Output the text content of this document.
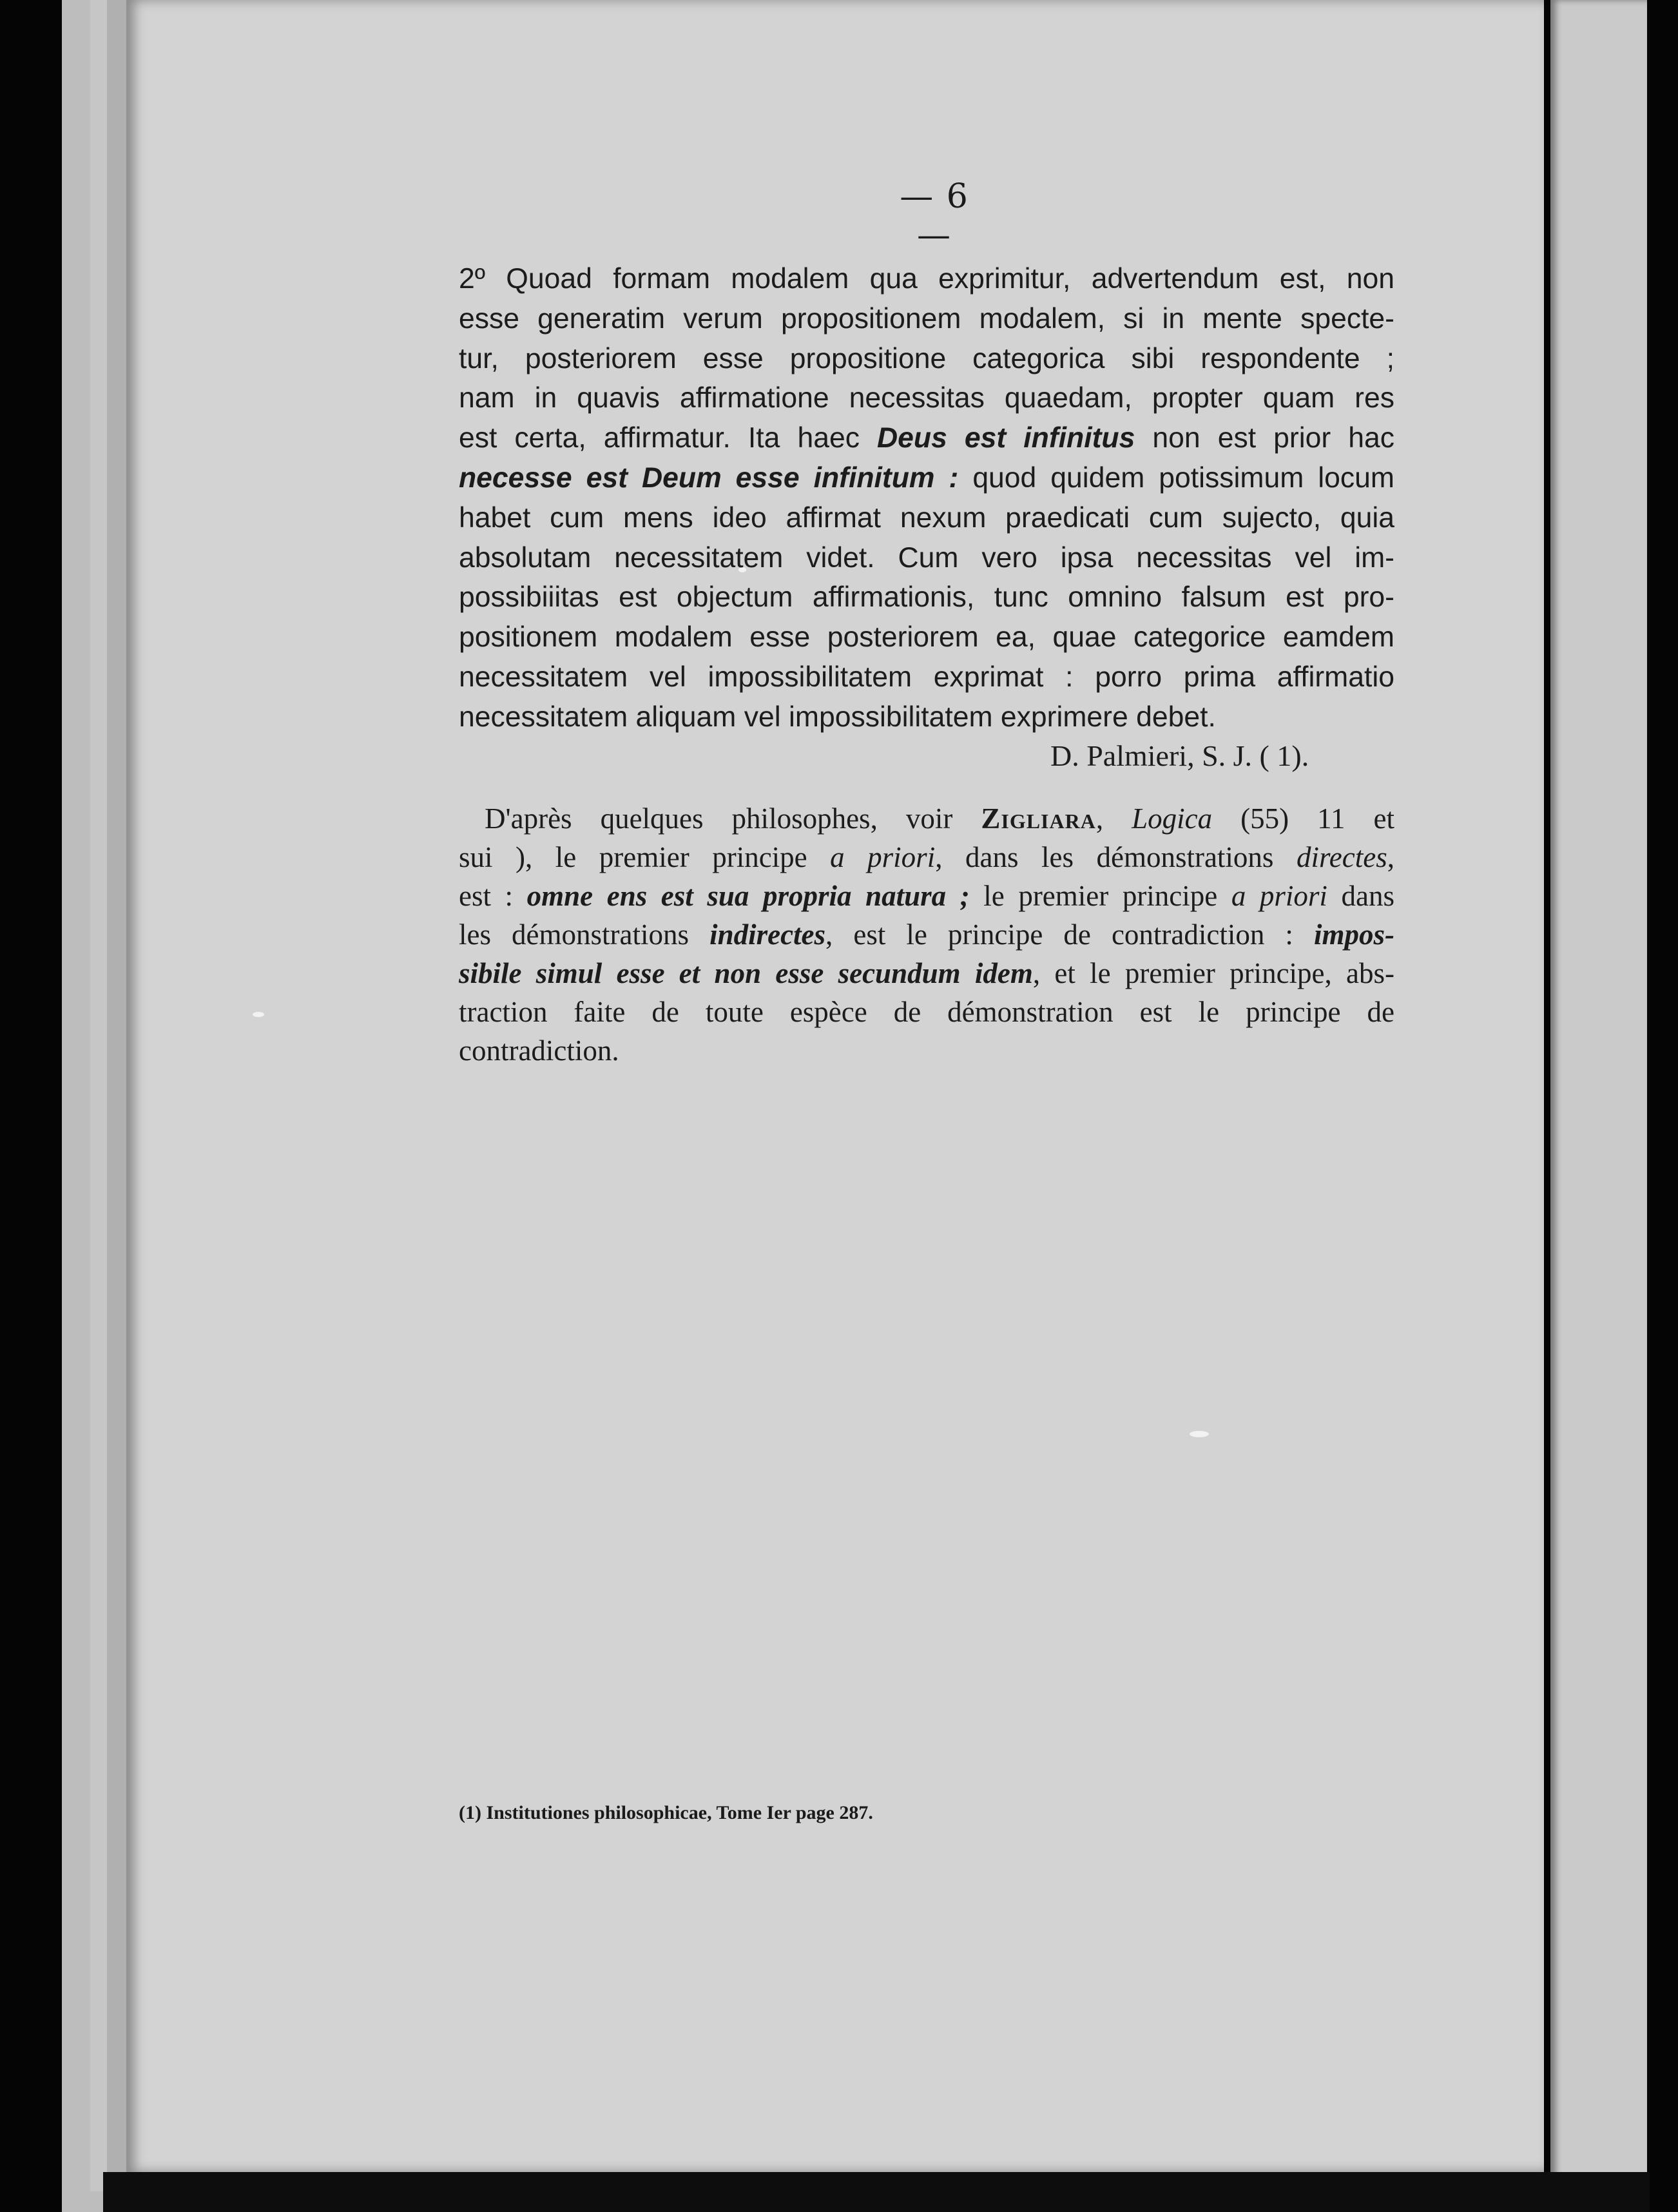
— 6 —
2º Quoad formam modalem qua exprimitur, advertendum est, non
esse generatim verum propositionem modalem, si in mente specte-
tur, posteriorem esse propositione categorica sibi respondente ;
nam in quavis affirmatione necessitas quaedam, propter quam res
est certa, affirmatur. Ita haec Deus est infinitus non est prior hac
necesse est Deum esse infinitum : quod quidem potissimum locum
habet cum mens ideo affirmat nexum praedicati cum sujecto, quia
absolutam necessitatem videt. Cum vero ipsa necessitas vel im-
possibiiitas est objectum affirmationis, tunc omnino falsum est pro-
positionem modalem esse posteriorem ea, quae categorice eamdem
necessitatem vel impossibilitatem exprimat : porro prima affirmatio
necessitatem aliquam vel impossibilitatem exprimere debet.
D. Palmieri, S. J. ( 1).
D'après quelques philosophes, voir Zigliara, Logica (55) 11 et
sui ), le premier principe a priori, dans les démonstrations directes,
est : omne ens est sua propria natura ; le premier principe a priori dans
les démonstrations indirectes, est le principe de contradiction : impos-
sibile simul esse et non esse secundum idem, et le premier principe, abs-
traction faite de toute espèce de démonstration est le principe de
contradiction.
(1) Institutiones philosophicae, Tome Ier page 287.
